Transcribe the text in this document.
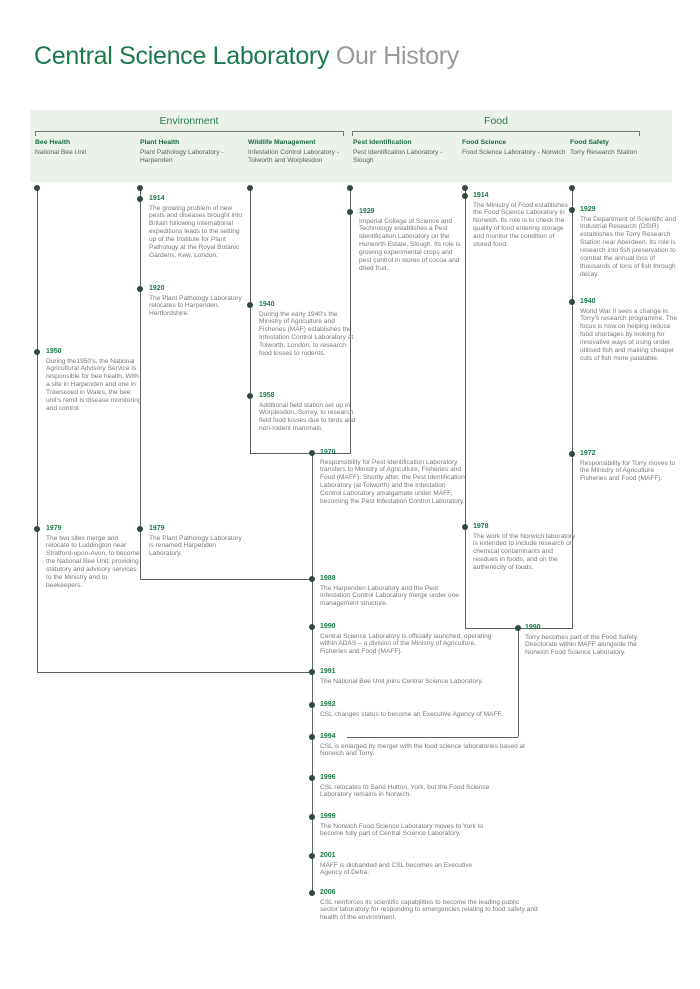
Central Science Laboratory Our History
Environment	Food
Bee Health
National Bee Unit
Plant Health
Plant Pathology Laboratory - Harpenden
Wildlife Management
Infestation Control Laboratory - Tolworth and Worplesdon
Pest Identification
Pest Identification Laboratory - Slough
Food Science
Food Science Laboratory - Norwich
Food Safety
Torry Research Station
1950
During the1950's, the National Agricultural Advisory Service is responsible for bee health. With a site in Harpenden and one in Trawscoed in Wales, the bee unit's remit is disease monitoring and control.
1979
The two sites merge and relocate to Luddington near Stratford-upon-Avon, to become the National Bee Unit, providing statutory and advisory services to the Ministry and to beekeepers.
1914
The growing problem of new pests and diseases brought into Britain following international expeditions leads to the setting up of the Institute for Plant Pathology at the Royal Botanic Gardens, Kew, London.
1920
The Plant Pathology Laboratory relocates to Harpenden, Hertfordshire.
1979
The Plant Pathology Laboratory is renamed Harpenden Laboratory.
1940
During the early 1940's the Ministry of Agriculture and Fisheries (MAF) establishes the Infestation Control Laboratory at Tolworth, London, to research food losses to rodents.
1958
Additional field station set up in Worplesdon, Surrey, to research field food losses due to birds and non-rodent mammals.
1929
Imperial College of Science and Technology establishes a Pest Identification Laboratory on the Hurworth Estate, Slough. Its role is growing experimental crops and pest control in stores of cocoa and dried fruit.
1914
The Ministry of Food establishes the Food Science Laboratory in Norwich. Its role is to check the quality of food entering storage and monitor the condition of stored food.
1978
The work of the Norwich laboratory is extended to include research on chemical contaminants and residues in foods, and on the authenticity of foods.
1929
The Department of Scientific and Industrial Research (DSIR) establishes the Torry Research Station near Aberdeen. Its role is research into fish preservation to combat the annual loss of thousands of tons of fish through decay.
1940
World War II sees a change in Torry's research programme. The focus is now on helping reduce food shortages by looking for innovative ways of using under utilised fish and making cheaper cuts of fish more palatable.
1972
Responsibility for Torry moves to the Ministry of Agriculture Fisheries and Food (MAFF).
1970
Responsibility for Pest Identification Laboratory transfers to Ministry of Agriculture, Fisheries and Food (MAFF). Shortly after, the Pest Identification Laboratory (at Tolworth) and the Infestation Control Laboratory amalgamate under MAFF, becoming the Pest Infestation Control Laboratory.
1988
The Harpenden Laboratory and the Pest Infestation Control Laboratory merge under one management structure.
1990
Central Science Laboratory is officially launched, operating within ADAS – a division of the Ministry of Agriculture, Fisheries and Food (MAFF).
1990
Torry becomes part of the Food Safety Directorate within MAFF alongside the Norwich Food Science Laboratory.
1991
The National Bee Unit joins Central Science Laboratory.
1992
CSL changes status to become an Executive Agency of MAFF.
1994
CSL is enlarged by merger with the food science laboratories based at Norwich and Torry.
1996
CSL relocates to Sand Hutton, York, but the Food Science Laboratory remains in Norwich.
1999
The Norwich Food Science Laboratory moves to York to become fully part of Central Science Laboratory.
2001
MAFF is disbanded and CSL becomes an Executive Agency of Defra.
2006
CSL reinforces its scientific capabilities to become the leading public sector laboratory for responding to emergencies relating to food safety and health of the environment.
